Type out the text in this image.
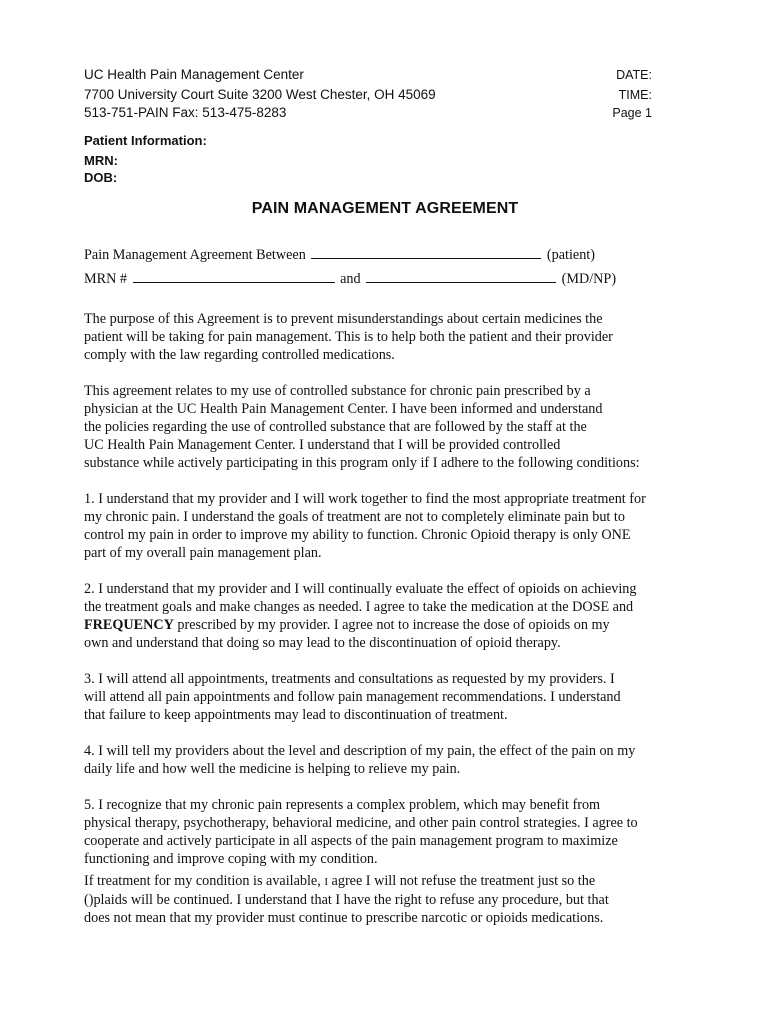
UC Health Pain Management Center
7700 University Court Suite 3200 West Chester, OH 45069
513-751-PAIN Fax: 513-475-8283
DATE:
TIME:
Page 1
Patient Information:
MRN:
DOB:
PAIN MANAGEMENT AGREEMENT
Pain Management Agreement Between	(patient)
MRN #	and	(MD/NP)

The purpose of this Agreement is to prevent misunderstandings about certain medicines the
patient will be taking for pain management. This is to help both the patient and their provider
comply with the law regarding controlled medications.

This agreement relates to my use of controlled substance for chronic pain prescribed by a
physician at the UC Health Pain Management Center. I have been informed and understand
the policies regarding the use of controlled substance that are followed by the staff at the
UC Health Pain Management Center. I understand that I will be provided controlled
substance while actively participating in this program only if I adhere to the following conditions:

1. I understand that my provider and I will work together to find the most appropriate treatment for
my chronic pain. I understand the goals of treatment are not to completely eliminate pain but to
control my pain in order to improve my ability to function. Chronic Opioid therapy is only ONE
part of my overall pain management plan.

2. I understand that my provider and I will continually evaluate the effect of opioids on achieving
the treatment goals and make changes as needed. I agree to take the medication at the DOSE and
FREQUENCY prescribed by my provider. I agree not to increase the dose of opioids on my
own and understand that doing so may lead to the discontinuation of opioid therapy.

3. I will attend all appointments, treatments and consultations as requested by my providers. I
will attend all pain appointments and follow pain management recommendations. I understand
that failure to keep appointments may lead to discontinuation of treatment.

4. I will tell my providers about the level and description of my pain, the effect of the pain on my
daily life and how well the medicine is helping to relieve my pain.

5. I recognize that my chronic pain represents a complex problem, which may benefit from
physical therapy, psychotherapy, behavioral medicine, and other pain control strategies. I agree to
cooperate and actively participate in all aspects of the pain management program to maximize
functioning and improve coping with my condition.

If treatment for my condition is available, I agree I will not refuse the treatment just so the
()plaids will be continued. I understand that I have the right to refuse any procedure, but that
does not mean that my provider must continue to prescribe narcotic or opioids medications.
